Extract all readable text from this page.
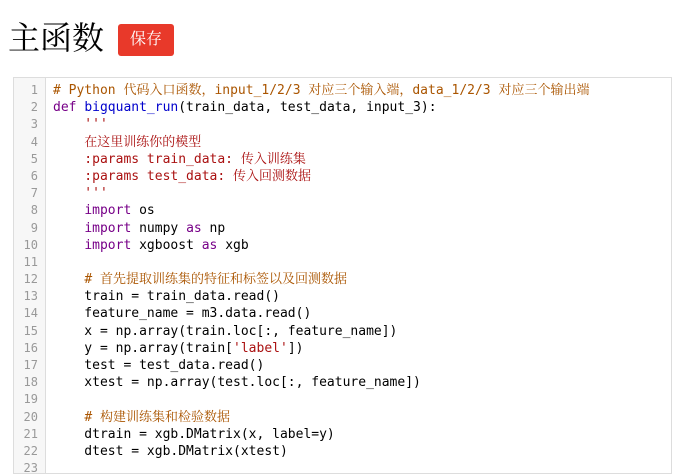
主函数	保存
1	# Python 代码入口函数，input_1/2/3 对应三个输入端，data_1/2/3 对应三个输出端
2	def bigquant_run(train_data, test_data, input_3):
3	'''
4	在这里训练你的模型
5	:params train_data: 传入训练集
6	:params test_data: 传入回测数据
7	'''
8	import os
9	import numpy as np
10	import xgboost as xgb
11
12	# 首先提取训练集的特征和标签以及回测数据
13	train = train_data.read()
14	feature_name = m3.data.read()
15	x = np.array(train.loc[:, feature_name])
16	y = np.array(train['label'])
17	test = test_data.read()
18	xtest = np.array(test.loc[:, feature_name])
19
20	# 构建训练集和检验数据
21	dtrain = xgb.DMatrix(x, label=y)
22	dtest = xgb.DMatrix(xtest)
23
